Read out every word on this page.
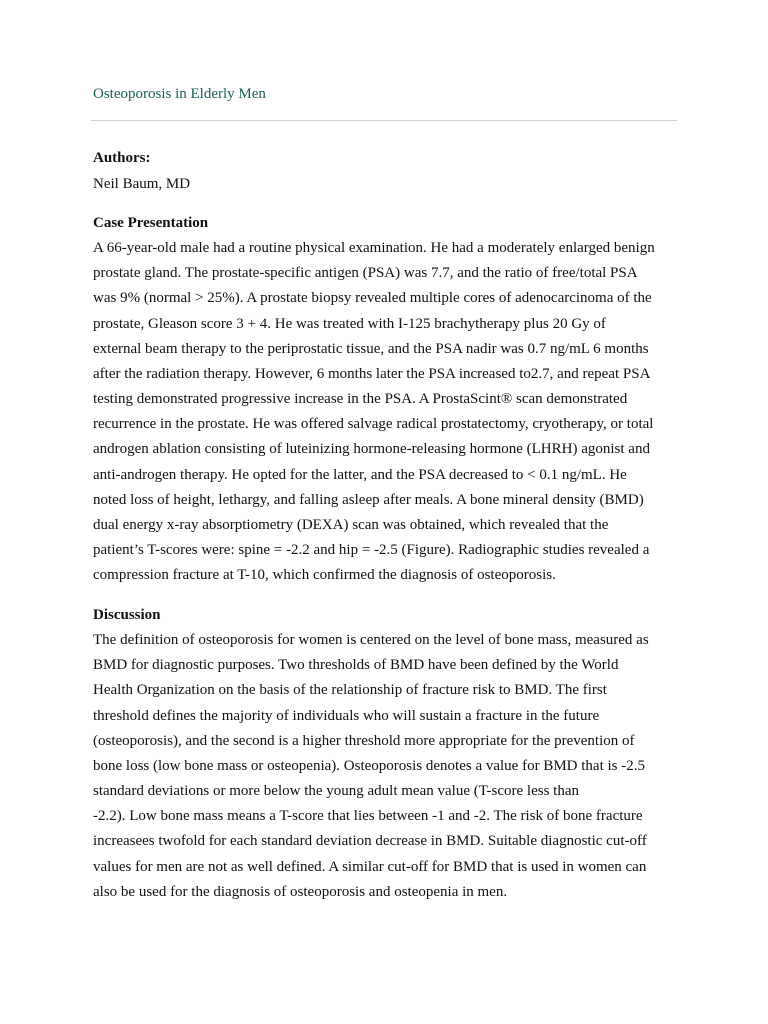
Osteoporosis in Elderly Men

Authors:

Neil Baum, MD

Case Presentation

A 66-year-old male had a routine physical examination. He had a moderately enlarged benign

prostate gland. The prostate-specific antigen (PSA) was 7.7, and the ratio of free/total PSA

was 9% (normal > 25%). A prostate biopsy revealed multiple cores of adenocarcinoma of the

prostate, Gleason score 3 + 4. He was treated with I-125 brachytherapy plus 20 Gy of

external beam therapy to the periprostatic tissue, and the PSA nadir was 0.7 ng/mL 6 months

after the radiation therapy. However, 6 months later the PSA increased to2.7, and repeat PSA

testing demonstrated progressive increase in the PSA. A ProstaScint® scan demonstrated

recurrence in the prostate. He was offered salvage radical prostatectomy, cryotherapy, or total

androgen ablation consisting of luteinizing hormone-releasing hormone (LHRH) agonist and

anti-androgen therapy. He opted for the latter, and the PSA decreased to < 0.1 ng/mL. He

noted loss of height, lethargy, and falling asleep after meals. A bone mineral density (BMD)

dual energy x-ray absorptiometry (DEXA) scan was obtained, which revealed that the

patient’s T-scores were: spine = -2.2 and hip = -2.5 (Figure). Radiographic studies revealed a

compression fracture at T-10, which confirmed the diagnosis of osteoporosis.

Discussion

The definition of osteoporosis for women is centered on the level of bone mass, measured as

BMD for diagnostic purposes. Two thresholds of BMD have been defined by the World

Health Organization on the basis of the relationship of fracture risk to BMD. The first

threshold defines the majority of individuals who will sustain a fracture in the future

(osteoporosis), and the second is a higher threshold more appropriate for the prevention of

bone loss (low bone mass or osteopenia). Osteoporosis denotes a value for BMD that is -2.5

standard deviations or more below the young adult mean value (T-score less than

-2.2). Low bone mass means a T-score that lies between -1 and -2. The risk of bone fracture

increasees twofold for each standard deviation decrease in BMD. Suitable diagnostic cut-off

values for men are not as well defined. A similar cut-off for BMD that is used in women can

also be used for the diagnosis of osteoporosis and osteopenia in men.
